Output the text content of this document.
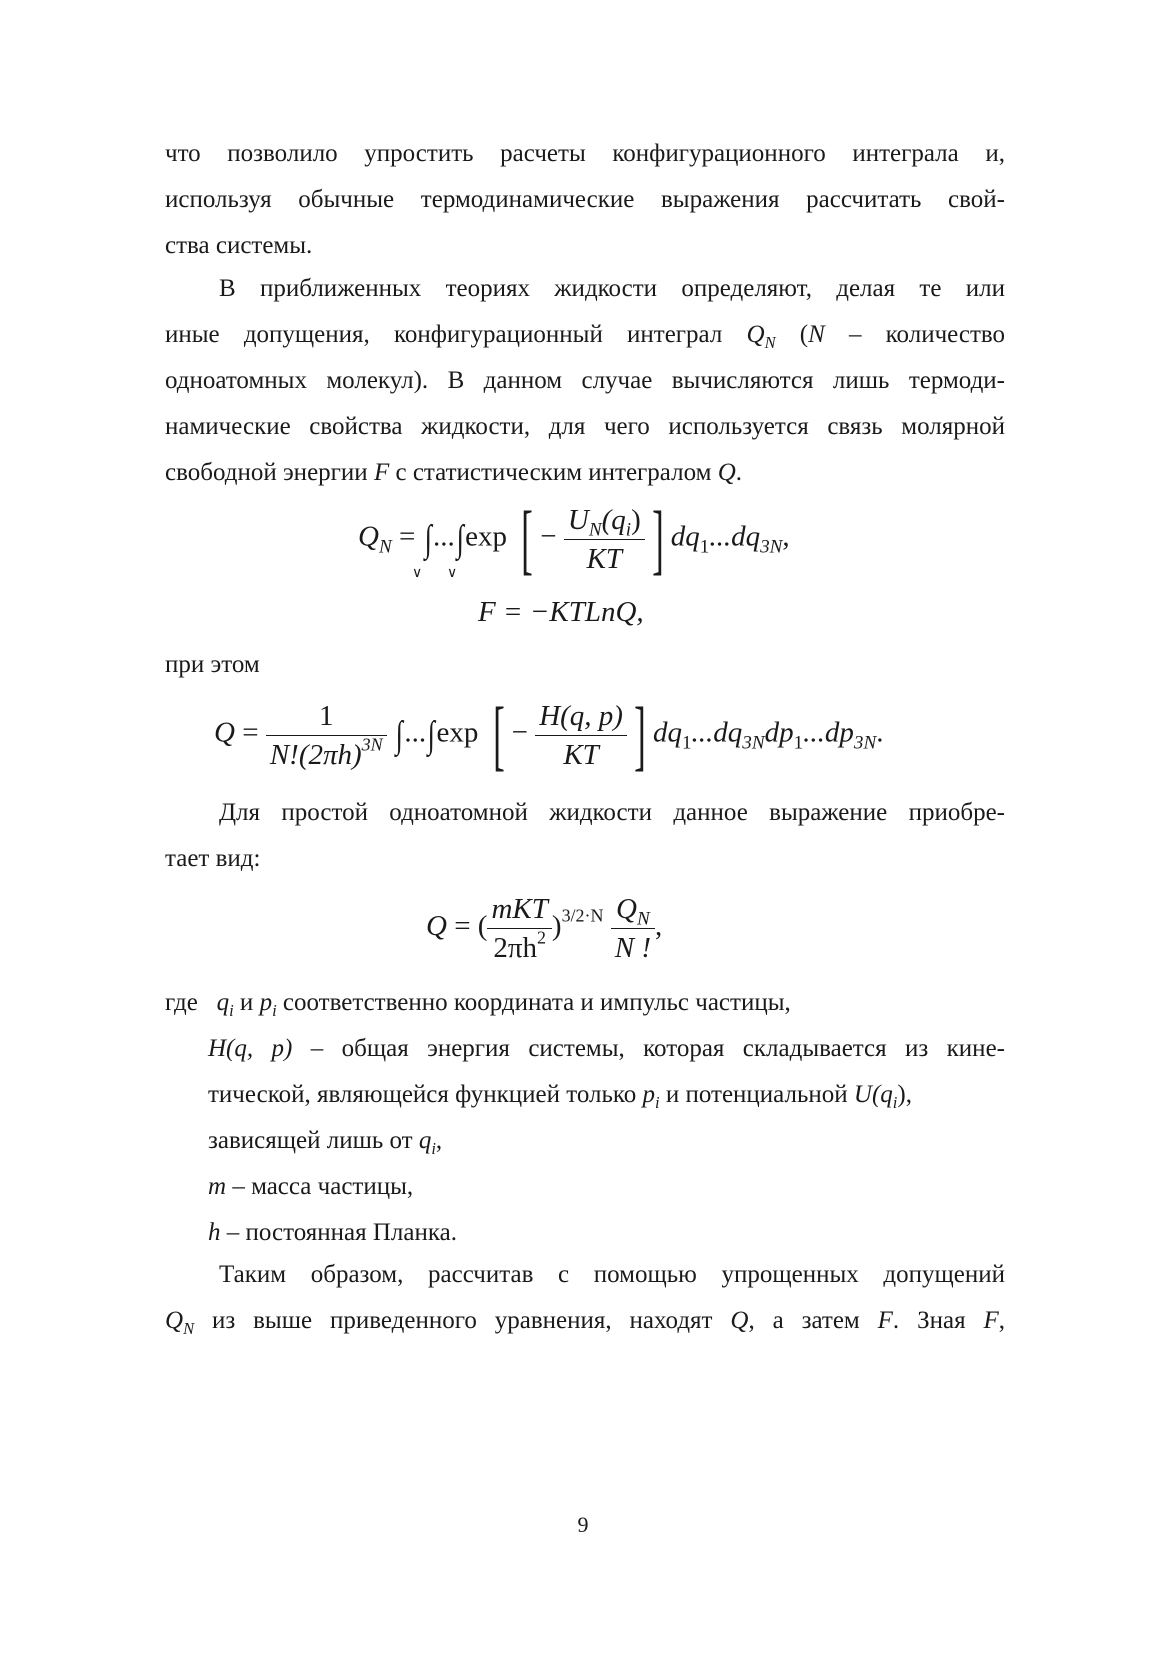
что позволило упростить расчеты конфигурационного интеграла и,
используя обычные термодинамические выражения рассчитать свой-
ства системы.
В приближенных теориях жидкости определяют, делая те или
иные допущения, конфигурационный интеграл $Q_N$ (N – количество
одноатомных молекул). В данном случае вычисляются лишь термоди-
намические свойства жидкости, для чего используется связь молярной
свободной энергии F с статистическим интегралом Q.
$Q_N = \int...\int\exp$ [ − $\frac{U_N(q_i)}{KT}$ ] $dq_1...dq_{3N}$,
∨ ∨
F = −KTLnQ,
при этом
$Q = \frac{1}{N!(2\pi h)^{3N}} \int...\int\exp$ [ − $\frac{H(q, p)}{KT}$ ] $dq_1...dq_{3N}dp_1...dp_{3N}$.
Для простой одноатомной жидкости данное выражение приобре-
тает вид:
Q = ( $\frac{\text{mKT}}{2\pi h^2} )^{3/2\cdot N} \frac{Q_N}{N !}$ ,
где $q_i$ и $p_i$ соответственно координата и импульс частицы,
H(q, p) – общая энергия системы, которая складывается из кине-
тической, являющейся функцией только $p_i$ и потенциальной $U(q_i)$,
зависящей лишь от $q_i$,
m – масса частицы,
h – постоянная Планка.
Таким образом, рассчитав с помощью упрощенных допущений
$Q_N$ из выше приведенного уравнения, находят Q, а затем F. Зная F,
9
